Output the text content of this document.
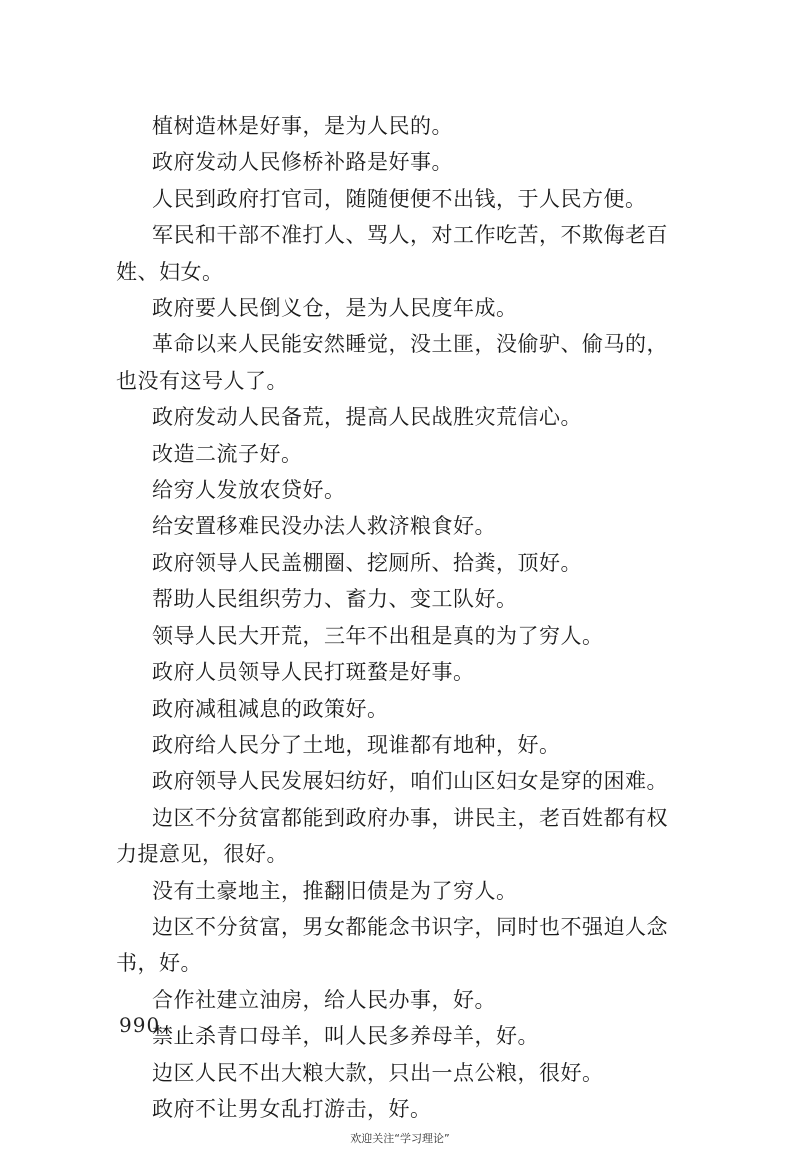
植树造林是好事，是为人民的。

政府发动人民修桥补路是好事。

人民到政府打官司，随随便便不出钱，于人民方便。

军民和干部不准打人、骂人，对工作吃苦，不欺侮老百姓、妇女。

政府要人民倒义仓，是为人民度年成。

革命以来人民能安然睡觉，没土匪，没偷驴、偷马的，也没有这号人了。

政府发动人民备荒，提高人民战胜灾荒信心。

改造二流子好。

给穷人发放农贷好。

给安置移难民没办法人救济粮食好。

政府领导人民盖棚圈、挖厕所、拾粪，顶好。

帮助人民组织劳力、畜力、变工队好。

领导人民大开荒，三年不出租是真的为了穷人。

政府人员领导人民打斑蝥是好事。

政府减租减息的政策好。

政府给人民分了土地，现谁都有地种，好。

政府领导人民发展妇纺好，咱们山区妇女是穿的困难。

边区不分贫富都能到政府办事，讲民主，老百姓都有权力提意见，很好。

没有土豪地主，推翻旧债是为了穷人。

边区不分贫富，男女都能念书识字，同时也不强迫人念书，好。

合作社建立油房，给人民办事，好。

禁止杀青口母羊，叫人民多养母羊，好。

边区人民不出大粮大款，只出一点公粮，很好。

政府不让男女乱打游击，好。

990
欢迎关注“学习理论”
